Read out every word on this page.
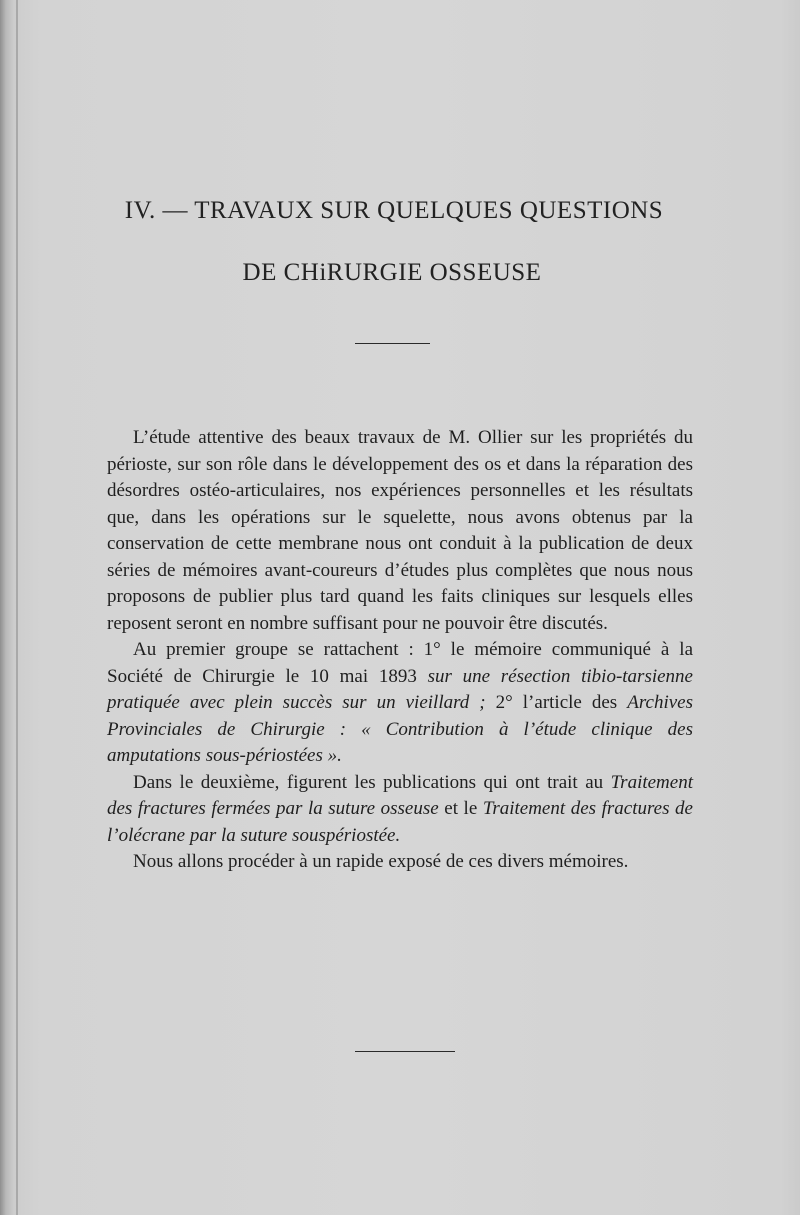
IV. — TRAVAUX SUR QUELQUES QUESTIONS
DE CHiRURGIE OSSEUSE

L’étude attentive des beaux travaux de M. Ollier sur les propriétés du périoste, sur son rôle dans le développement des os et dans la réparation des désordres ostéo-articulaires, nos expériences personnelles et les résultats que, dans les opérations sur le squelette, nous avons obtenus par la conservation de cette membrane nous ont conduit à la publication de deux séries de mémoires avant-coureurs d’études plus complètes que nous nous proposons de publier plus tard quand les faits cliniques sur lesquels elles reposent seront en nombre suffisant pour ne pouvoir être discutés.

Au premier groupe se rattachent : 1° le mémoire communiqué à la Société de Chirurgie le 10 mai 1893 sur une résection tibio-tarsienne pratiquée avec plein succès sur un vieillard ; 2° l’article des Archives Provinciales de Chirurgie : « Contribution à l’étude clinique des amputations sous-périostées ».

Dans le deuxième, figurent les publications qui ont trait au Traitement des fractures fermées par la suture osseuse et le Traitement des fractures de l’olécrane par la suture souspériostée.

Nous allons procéder à un rapide exposé de ces divers mémoires.
